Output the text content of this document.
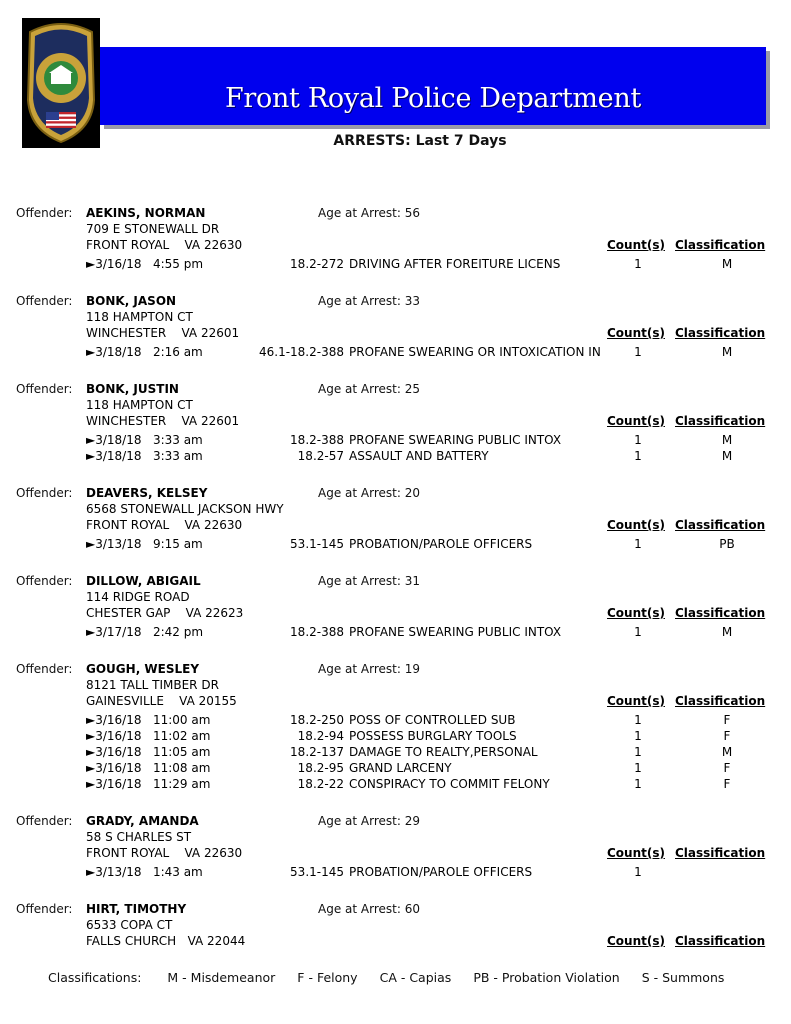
Front Royal Police Department
ARRESTS: Last 7 Days
Offender: AEKINS, NORMAN	Age at Arrest: 56
709 E STONEWALL DR
FRONT ROYAL    VA 22630	Count(s) Classification
►3/16/18   4:55 pm	18.2-272 DRIVING AFTER FOREITURE LICENS	1	M
Offender: BONK, JASON	Age at Arrest: 33
118 HAMPTON CT
WINCHESTER    VA 22601	Count(s) Classification
►3/18/18   2:16 am	46.1-18.2-388 PROFANE SWEARING OR INTOXICATION IN	1	M
Offender: BONK, JUSTIN	Age at Arrest: 25
118 HAMPTON CT
WINCHESTER    VA 22601	Count(s) Classification
►3/18/18   3:33 am	18.2-388 PROFANE SWEARING PUBLIC INTOX	1	M
►3/18/18   3:33 am	18.2-57 ASSAULT AND BATTERY	1	M
Offender: DEAVERS, KELSEY	Age at Arrest: 20
6568 STONEWALL JACKSON HWY
FRONT ROYAL    VA 22630	Count(s) Classification
►3/13/18   9:15 am	53.1-145 PROBATION/PAROLE OFFICERS	1	PB
Offender: DILLOW, ABIGAIL	Age at Arrest: 31
114 RIDGE ROAD
CHESTER GAP    VA 22623	Count(s) Classification
►3/17/18   2:42 pm	18.2-388 PROFANE SWEARING PUBLIC INTOX	1	M
Offender: GOUGH, WESLEY	Age at Arrest: 19
8121 TALL TIMBER DR
GAINESVILLE    VA 20155	Count(s) Classification
►3/16/18   11:00 am	18.2-250 POSS OF CONTROLLED SUB	1	F
►3/16/18   11:02 am	18.2-94 POSSESS BURGLARY TOOLS	1	F
►3/16/18   11:05 am	18.2-137 DAMAGE TO REALTY,PERSONAL	1	M
►3/16/18   11:08 am	18.2-95 GRAND LARCENY	1	F
►3/16/18   11:29 am	18.2-22 CONSPIRACY TO COMMIT FELONY	1	F
Offender: GRADY, AMANDA	Age at Arrest: 29
58 S CHARLES ST
FRONT ROYAL    VA 22630	Count(s) Classification
►3/13/18   1:43 am	53.1-145 PROBATION/PAROLE OFFICERS	1
Offender: HIRT, TIMOTHY	Age at Arrest: 60
6533 COPA CT
FALLS CHURCH   VA 22044	Count(s) Classification
Classifications: M - Misdemeanor F - Felony CA - Capias PB - Probation Violation S - Summons
